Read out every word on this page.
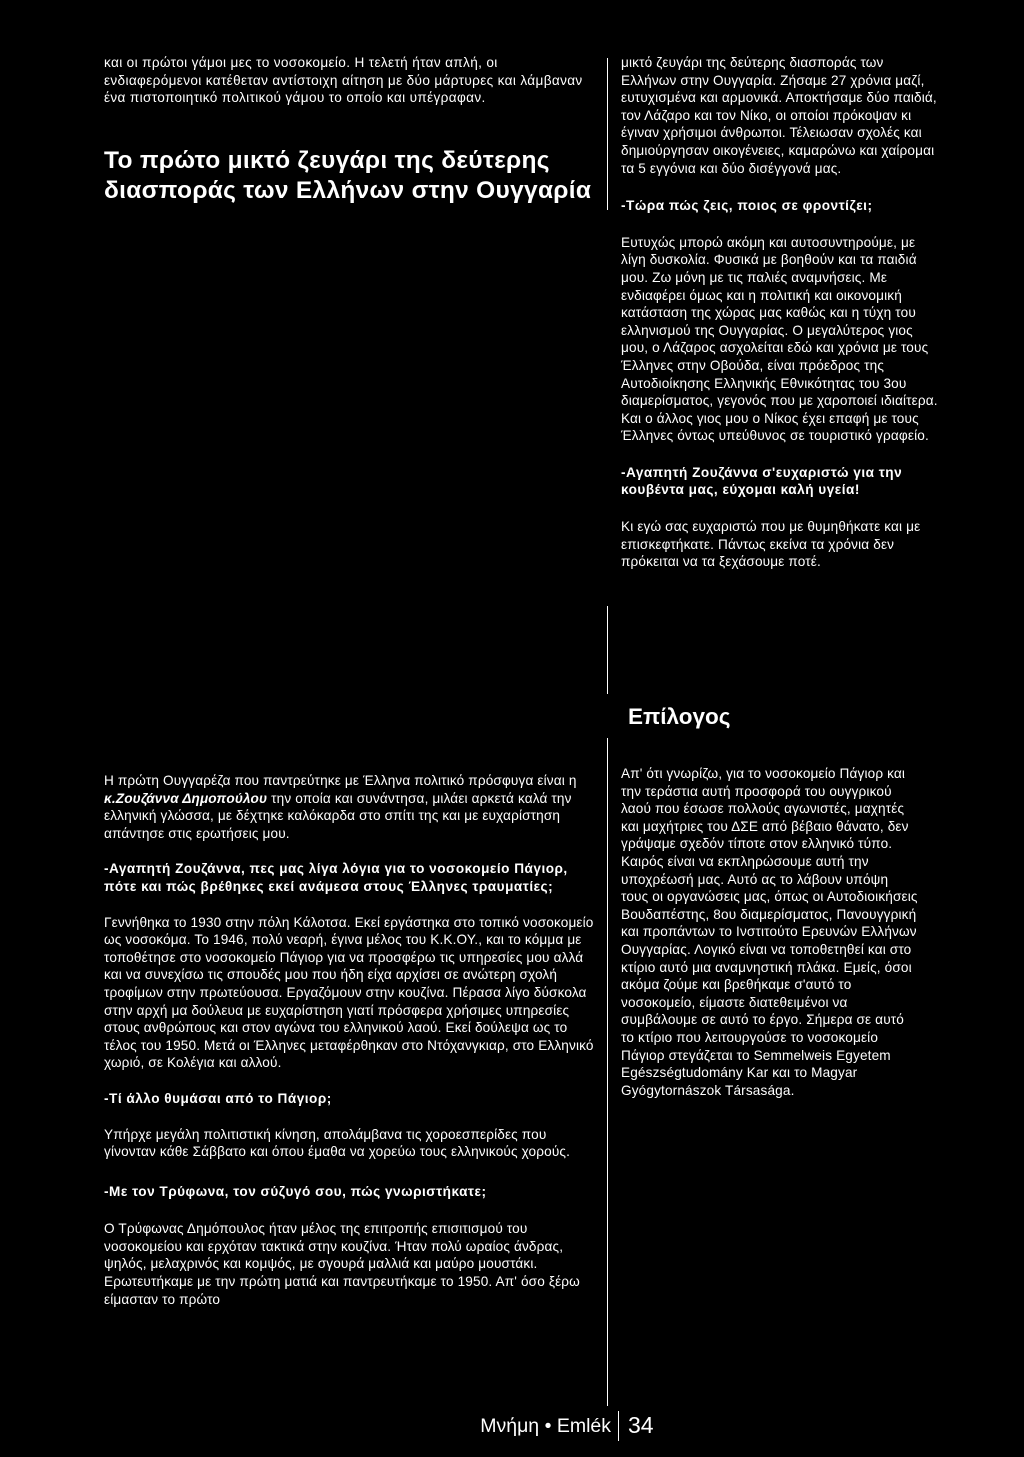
και οι πρώτοι γάμοι μες το νοσοκομείο. Η τελετή ήταν απλή, οι ενδιαφερόμενοι κατέθεταν αντίστοιχη αίτηση με δύο μάρτυρες και λάμβαναν ένα πιστοποιητικό πολιτικού γάμου το οποίο και υπέγραφαν.

Το πρώτο μικτό ζευγάρι της δεύτερης διασποράς των Ελλήνων στην Ουγγαρία

μικτό ζευγάρι της δεύτερης διασποράς των Ελλήνων στην Ουγγαρία. Ζήσαμε 27 χρόνια μαζί, ευτυχισμένα και αρμονικά. Αποκτήσαμε δύο παιδιά, τον Λάζαρο και τον Νίκο, οι οποίοι πρόκοψαν κι έγιναν χρήσιμοι άνθρωποι. Τέλειωσαν σχολές και δημιούργησαν οικογένειες, καμαρώνω και χαίρομαι τα 5 εγγόνια και δύο δισέγγονά μας.

-Τώρα πώς ζεις, ποιος σε φροντίζει;

Ευτυχώς μπορώ ακόμη και αυτοσυντηρούμε, με λίγη δυσκολία. Φυσικά με βοηθούν και τα παιδιά μου. Ζω μόνη με τις παλιές αναμνήσεις. Με ενδιαφέρει όμως και η πολιτική και οικονομική κατάσταση της χώρας μας καθώς και η τύχη του ελληνισμού της Ουγγαρίας. Ο μεγαλύτερος γιος μου, ο Λάζαρος ασχολείται εδώ και χρόνια με τους Έλληνες στην Οβούδα, είναι πρόεδρος της Αυτοδιοίκησης Ελληνικής Εθνικότητας του 3ου διαμερίσματος, γεγονός που με χαροποιεί ιδιαίτερα. Και ο άλλος γιος μου ο Νίκος έχει επαφή με τους Έλληνες όντως υπεύθυνος σε τουριστικό γραφείο.

-Αγαπητή Ζουζάννα σ'ευχαριστώ για την κουβέντα μας, εύχομαι καλή υγεία!

Κι εγώ σας ευχαριστώ που με θυμηθήκατε και με επισκεφτήκατε. Πάντως εκείνα τα χρόνια δεν πρόκειται να τα ξεχάσουμε ποτέ.

Επίλογος

Απ' ότι γνωρίζω, για το νοσοκομείο Πάγιορ και την τεράστια αυτή προσφορά του ουγγρικού λαού που έσωσε πολλούς αγωνιστές, μαχητές και μαχήτριες του ΔΣΕ από βέβαιο θάνατο, δεν γράψαμε σχεδόν τίποτε στον ελληνικό τύπο. Καιρός είναι να εκπληρώσουμε αυτή την υποχρέωσή μας. Αυτό ας το λάβουν υπόψη τους οι οργανώσεις μας, όπως οι Αυτοδιοικήσεις Βουδαπέστης, 8ου διαμερίσματος, Πανουγγρική και προπάντων το Ινστιτούτο Ερευνών Ελλήνων Ουγγαρίας. Λογικό είναι να τοποθετηθεί και στο κτίριο αυτό μια αναμνηστική πλάκα. Εμείς, όσοι ακόμα ζούμε και βρεθήκαμε σ'αυτό το νοσοκομείο, είμαστε διατεθειμένοι να συμβάλουμε σε αυτό το έργο. Σήμερα σε αυτό το κτίριο που λειτουργούσε το νοσοκομείο Πάγιορ στεγάζεται το Semmelweis Egyetem Egészségtudomány Kar και το Magyar Gyógytornászok Társasága.

Η πρώτη Ουγγαρέζα που παντρεύτηκε με Έλληνα πολιτικό πρόσφυγα είναι η κ.Ζουζάννα Δημοπούλου την οποία και συνάντησα, μιλάει αρκετά καλά την ελληνική γλώσσα, με δέχτηκε καλόκαρδα στο σπίτι της και με ευχαρίστηση απάντησε στις ερωτήσεις μου.

-Αγαπητή Ζουζάννα, πες μας λίγα λόγια για το νοσοκομείο Πάγιορ, πότε και πώς βρέθηκες εκεί ανάμεσα στους Έλληνες τραυματίες;

Γεννήθηκα το 1930 στην πόλη Κάλοτσα. Εκεί εργάστηκα στο τοπικό νοσοκομείο ως νοσοκόμα. Το 1946, πολύ νεαρή, έγινα μέλος του Κ.Κ.ΟΥ., και το κόμμα με τοποθέτησε στο νοσοκομείο Πάγιορ για να προσφέρω τις υπηρεσίες μου αλλά και να συνεχίσω τις σπουδές μου που ήδη είχα αρχίσει σε ανώτερη σχολή τροφίμων στην πρωτεύουσα. Εργαζόμουν στην κουζίνα. Πέρασα λίγο δύσκολα στην αρχή μα δούλευα με ευχαρίστηση γιατί πρόσφερα χρήσιμες υπηρεσίες στους ανθρώπους και στον αγώνα του ελληνικού λαού. Εκεί δούλεψα ως το τέλος του 1950. Μετά οι Έλληνες μεταφέρθηκαν στο Ντόχανγκιαρ, στο Ελληνικό χωριό, σε Κολέγια και αλλού.

-Τί άλλο θυμάσαι από το Πάγιορ;

Υπήρχε μεγάλη πολιτιστική κίνηση, απολάμβανα τις χοροεσπερίδες που γίνονταν κάθε Σάββατο και όπου έμαθα να χορεύω τους ελληνικούς χορούς.

-Με τον Τρύφωνα, τον σύζυγό σου, πώς γνωριστήκατε;

Ο Τρύφωνας Δημόπουλος ήταν μέλος της επιτροπής επισιτισμού του νοσοκομείου και ερχόταν τακτικά στην κουζίνα. Ήταν πολύ ωραίος άνδρας, ψηλός, μελαχρινός και κομψός, με σγουρά μαλλιά και μαύρο μουστάκι. Ερωτευτήκαμε με την πρώτη ματιά και παντρευτήκαμε το 1950. Απ' όσο ξέρω είμασταν το πρώτο

Μνήμη • Emlék 34
